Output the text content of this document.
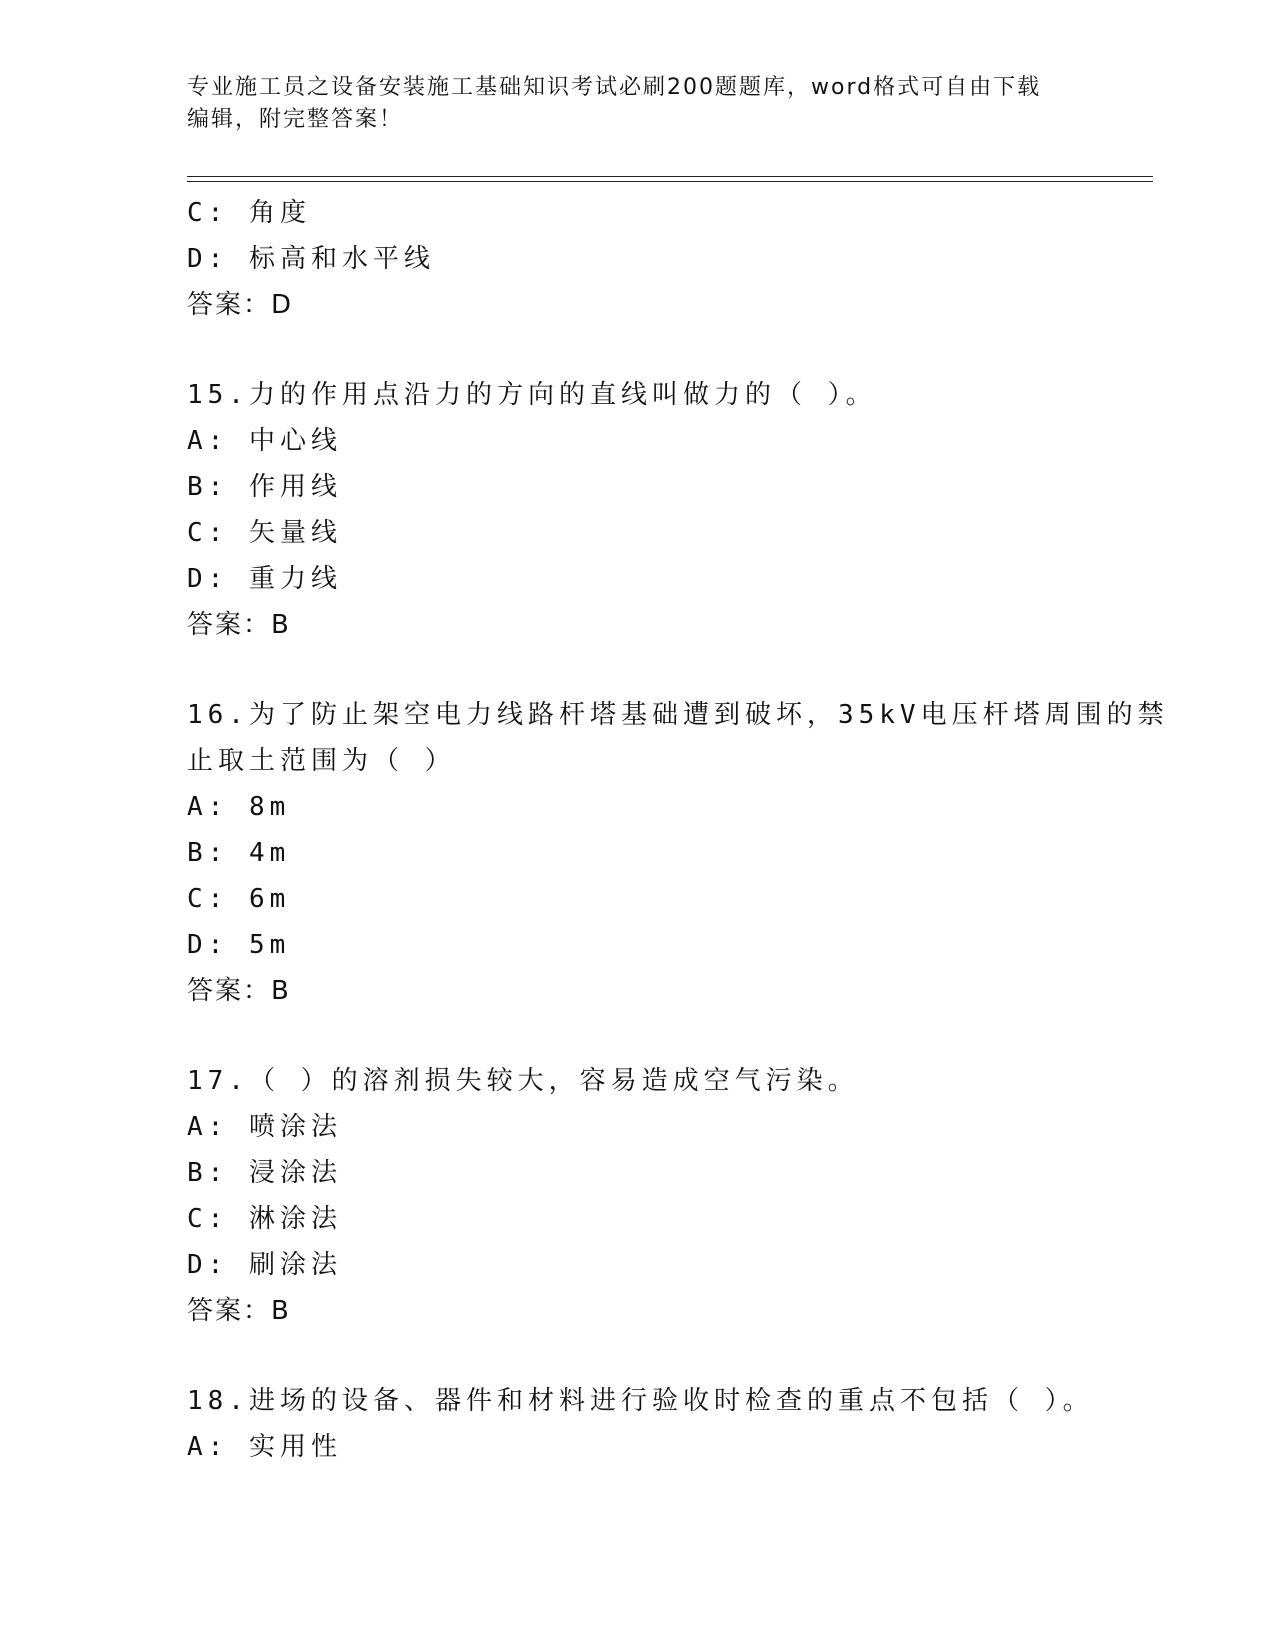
专业施工员之设备安装施工基础知识考试必刷200题题库，word格式可自由下载
编辑，附完整答案！
C: 角度
D: 标高和水平线
答案：D
15.力的作用点沿力的方向的直线叫做力的（ ）。
A: 中心线
B: 作用线
C: 矢量线
D: 重力线
答案：B
16.为了防止架空电力线路杆塔基础遭到破坏，35kV电压杆塔周围的禁
止取土范围为（ ）
A: 8m
B: 4m
C: 6m
D: 5m
答案：B
17.（ ）的溶剂损失较大，容易造成空气污染。
A: 喷涂法
B: 浸涂法
C: 淋涂法
D: 刷涂法
答案：B
18.进场的设备、器件和材料进行验收时检查的重点不包括（ ）。
A: 实用性
